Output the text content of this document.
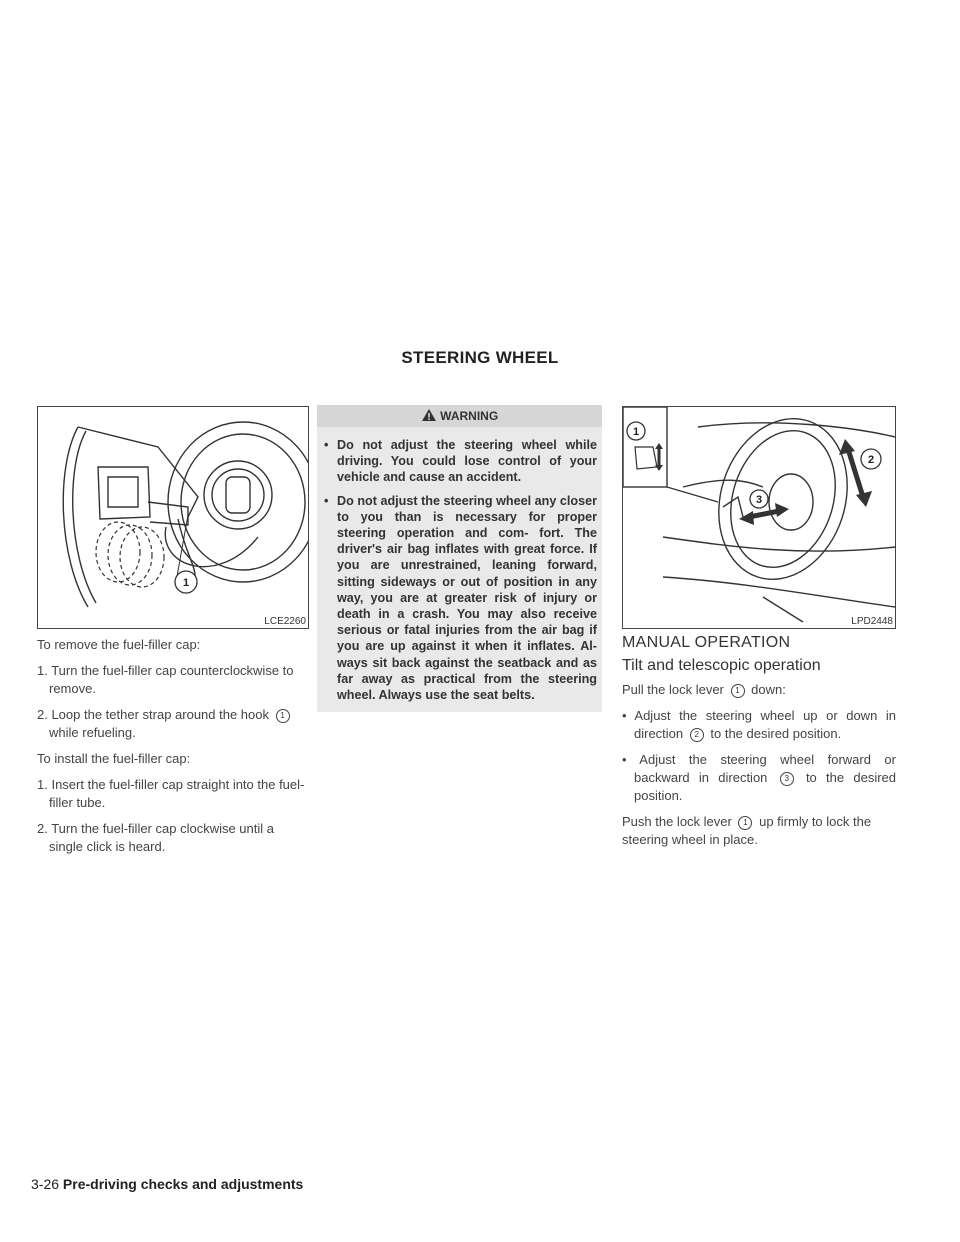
STEERING WHEEL
1
LCE2260
To remove the fuel-filler cap:
1. Turn the fuel-filler cap counterclockwise to remove.
2. Loop the tether strap around the hook 1 while refueling.
To install the fuel-filler cap:
1. Insert the fuel-filler cap straight into the fuel-filler tube.
2. Turn the fuel-filler cap clockwise until a single click is heard.
WARNING
• Do not adjust the steering wheel while driving. You could lose control of your vehicle and cause an accident.
• Do not adjust the steering wheel any closer to you than is necessary for proper steering operation and com- fort. The driver's air bag inflates with great force. If you are unrestrained, leaning forward, sitting sideways or out of position in any way, you are at greater risk of injury or death in a crash. You may also receive serious or fatal injuries from the air bag if you are up against it when it inflates. Al- ways sit back against the seatback and as far away as practical from the steering wheel. Always use the seat belts.
1
2
3
LPD2448
MANUAL OPERATION
Tilt and telescopic operation
Pull the lock lever 1 down:
• Adjust the steering wheel up or down in direction 2 to the desired position.
• Adjust the steering wheel forward or backward in direction 3 to the desired position.
Push the lock lever 1 up firmly to lock the steering wheel in place.
3-26 Pre-driving checks and adjustments
